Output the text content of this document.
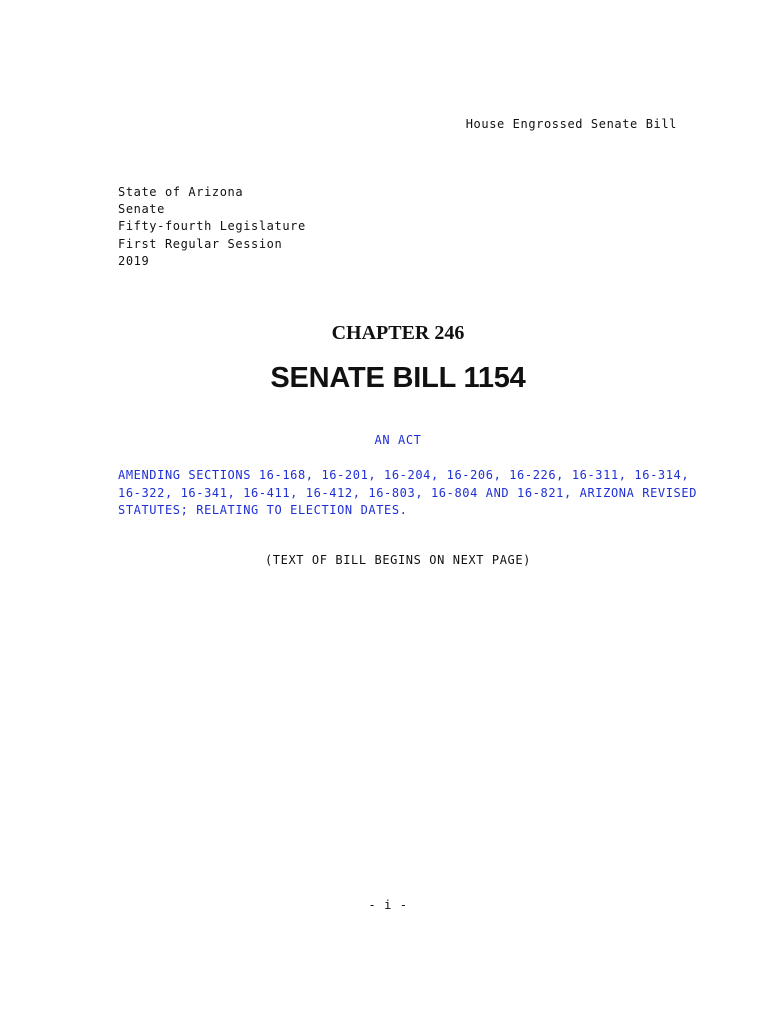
House Engrossed Senate Bill
State of Arizona
Senate
Fifty-fourth Legislature
First Regular Session
2019
CHAPTER 246
SENATE BILL 1154
AN ACT
AMENDING SECTIONS 16-168, 16-201, 16-204, 16-206, 16-226, 16-311, 16-314,
16-322, 16-341, 16-411, 16-412, 16-803, 16-804 AND 16-821, ARIZONA REVISED
STATUTES; RELATING TO ELECTION DATES.
(TEXT OF BILL BEGINS ON NEXT PAGE)
- i -
